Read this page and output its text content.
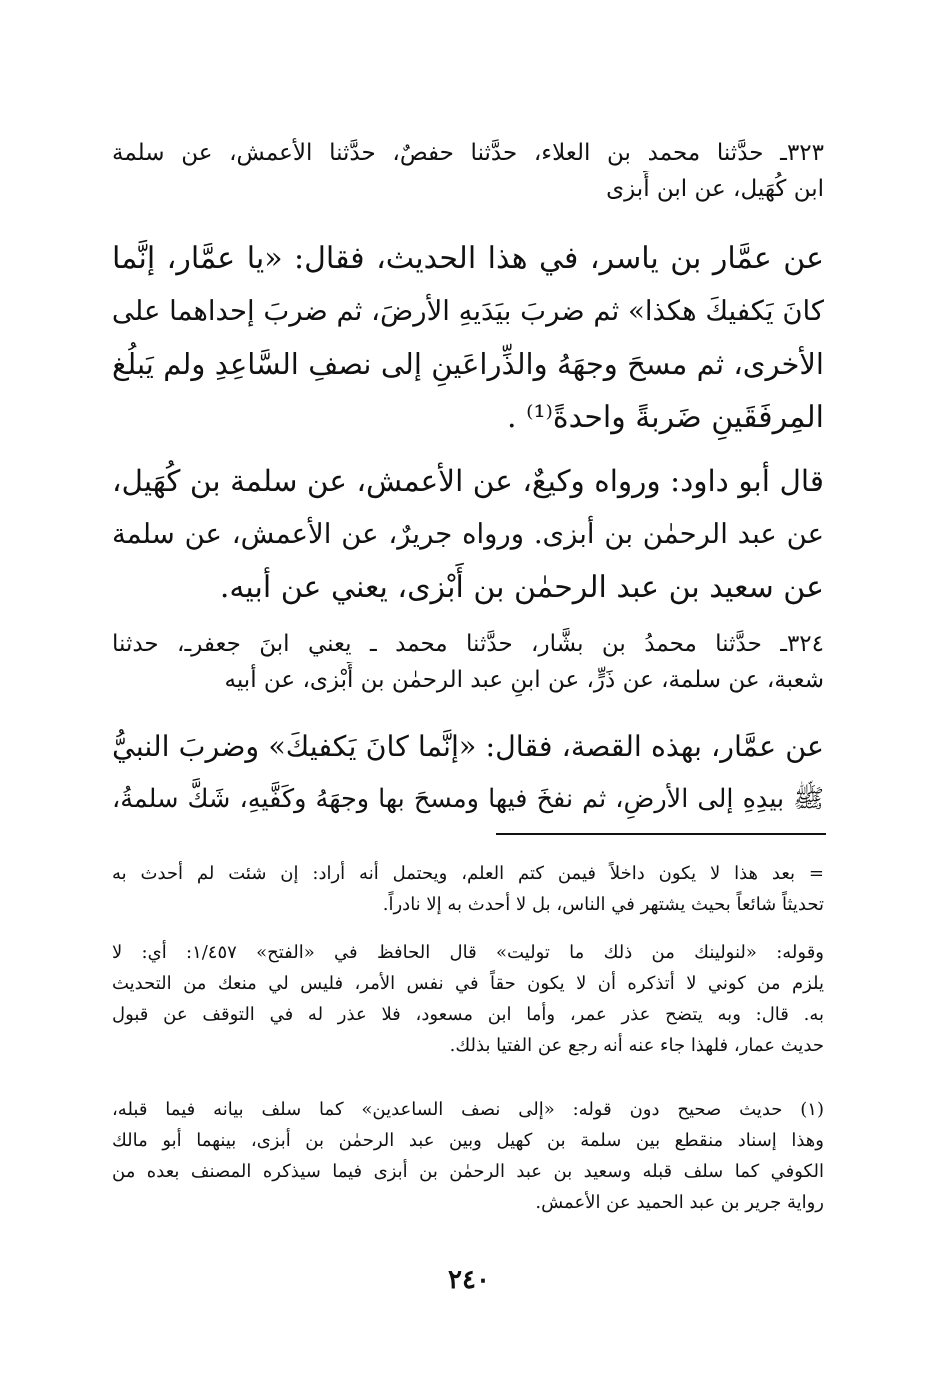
٣٢٣ـ حدَّثنا محمد بن العلاء، حدَّثنا حفصٌ، حدَّثنا الأعمش، عن سلمة

ابن كُهَيل، عن ابن أَبزى

عن عمَّار بن ياسر، في هذا الحديث، فقال: «يا عمَّار، إنَّما

كانَ يَكفيكَ هكذا» ثم ضربَ بيَدَيهِ الأرضَ، ثم ضربَ إحداهما على

الأخرى، ثم مسحَ وجهَهُ والذِّراعَينِ إلى نصفِ السَّاعِدِ ولم يَبلُغ

المِرفَقَينِ ضَربةً واحدةً⁽¹⁾ .

قال أبو داود: ورواه وكيعٌ، عن الأعمش، عن سلمة بن كُهَيل،

عن عبد الرحمٰن بن أبزى. ورواه جريرٌ، عن الأعمش، عن سلمة

عن سعيد بن عبد الرحمٰن بن أَبْزى، يعني عن أبيه.

٣٢٤ـ حدَّثنا محمدُ بن بشَّار، حدَّثنا محمد ـ يعني ابنَ جعفرـ، حدثنا

شعبة، عن سلمة، عن ذَرٍّ، عن ابنِ عبد الرحمٰن بن أَبْزى، عن أبيه

عن عمَّار، بهذه القصة، فقال: «إنَّما كانَ يَكفيكَ» وضربَ النبيُّ

ﷺ بيدِهِ إلى الأرضِ، ثم نفخَ فيها ومسحَ بها وجهَهُ وكَفَّيهِ، شَكَّ سلمةُ،

= بعد هذا لا يكون داخلاً فيمن كتم العلم، ويحتمل أنه أراد: إن شئت لم أحدث به

تحديثاً شائعاً بحيث يشتهر في الناس، بل لا أحدث به إلا نادراً.

وقوله: «لنولينك من ذلك ما توليت» قال الحافظ في «الفتح» ١/٤٥٧: أي: لا

يلزم من كوني لا أتذكره أن لا يكون حقاً في نفس الأمر، فليس لي منعك من التحديث

به. قال: وبه يتضح عذر عمر، وأما ابن مسعود، فلا عذر له في التوقف عن قبول

حديث عمار، فلهذا جاء عنه أنه رجع عن الفتيا بذلك.

(١) حديث صحيح دون قوله: «إلى نصف الساعدين» كما سلف بيانه فيما قبله،

وهذا إسناد منقطع بين سلمة بن كهيل وبين عبد الرحمٰن بن أبزى، بينهما أبو مالك

الكوفي كما سلف قبله وسعيد بن عبد الرحمٰن بن أبزى فيما سيذكره المصنف بعده من

رواية جرير بن عبد الحميد عن الأعمش.

٢٤٠
